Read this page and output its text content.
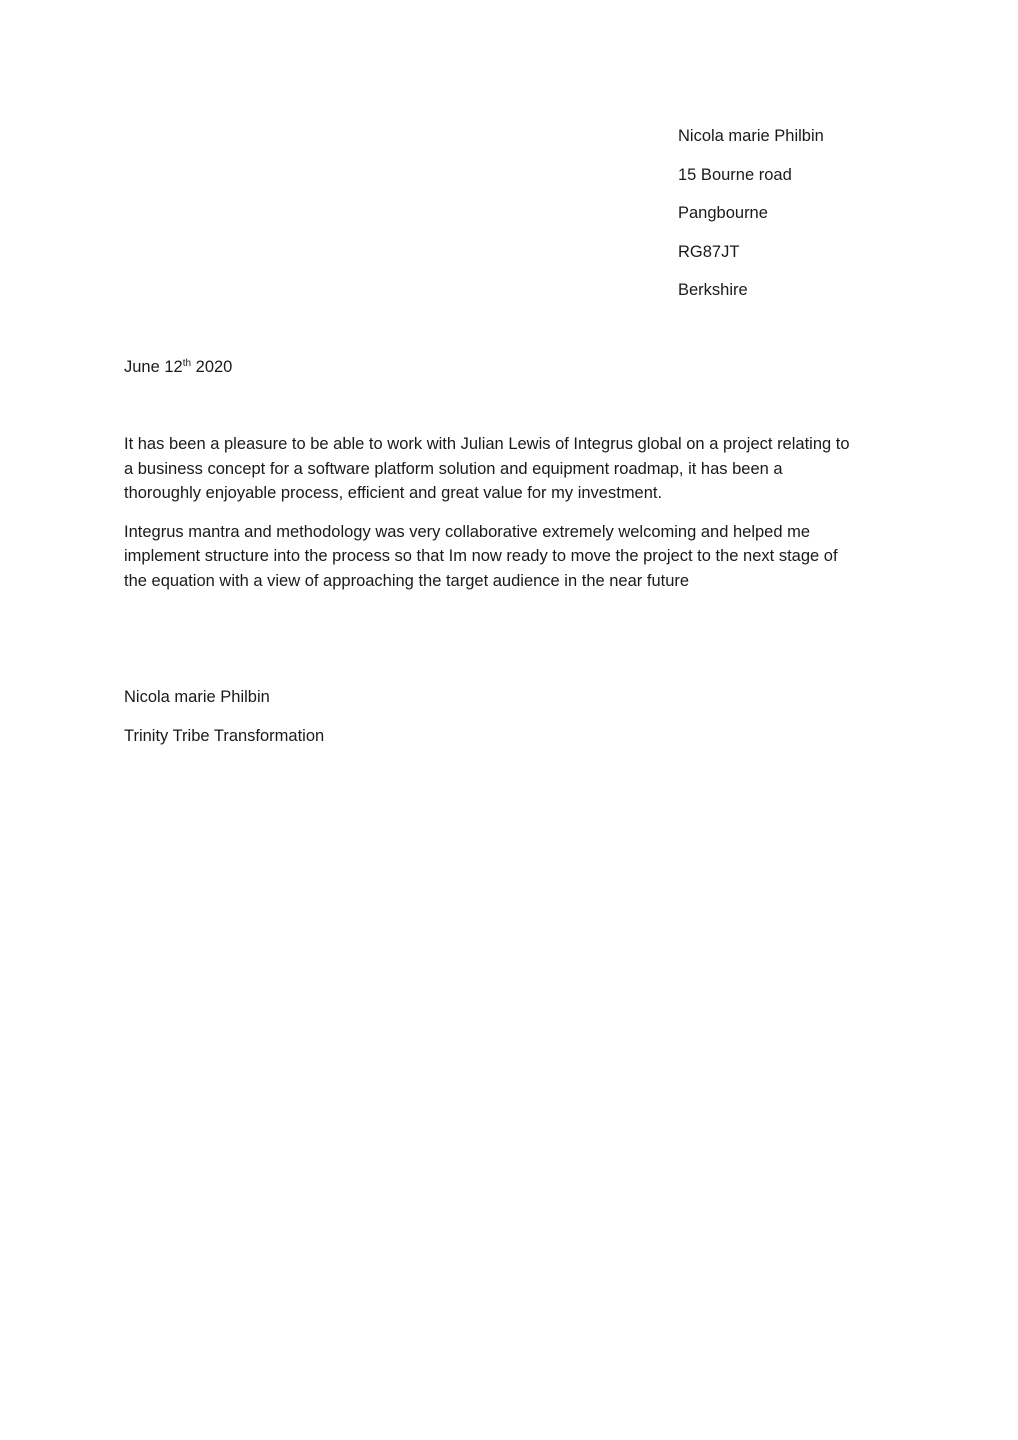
Nicola marie Philbin
15 Bourne road
Pangbourne
RG87JT
Berkshire
June 12th 2020

It has been a pleasure to be able to work with Julian Lewis of Integrus global on a project relating to
a business concept for a software platform solution and equipment roadmap, it has been a
thoroughly enjoyable process, efficient and great value for my investment.

Integrus mantra and methodology was very collaborative extremely welcoming and helped me
implement structure into the process so that Im now ready to move the project to the next stage of
the equation with a view of approaching the target audience in the near future

Nicola marie Philbin
Trinity Tribe Transformation
